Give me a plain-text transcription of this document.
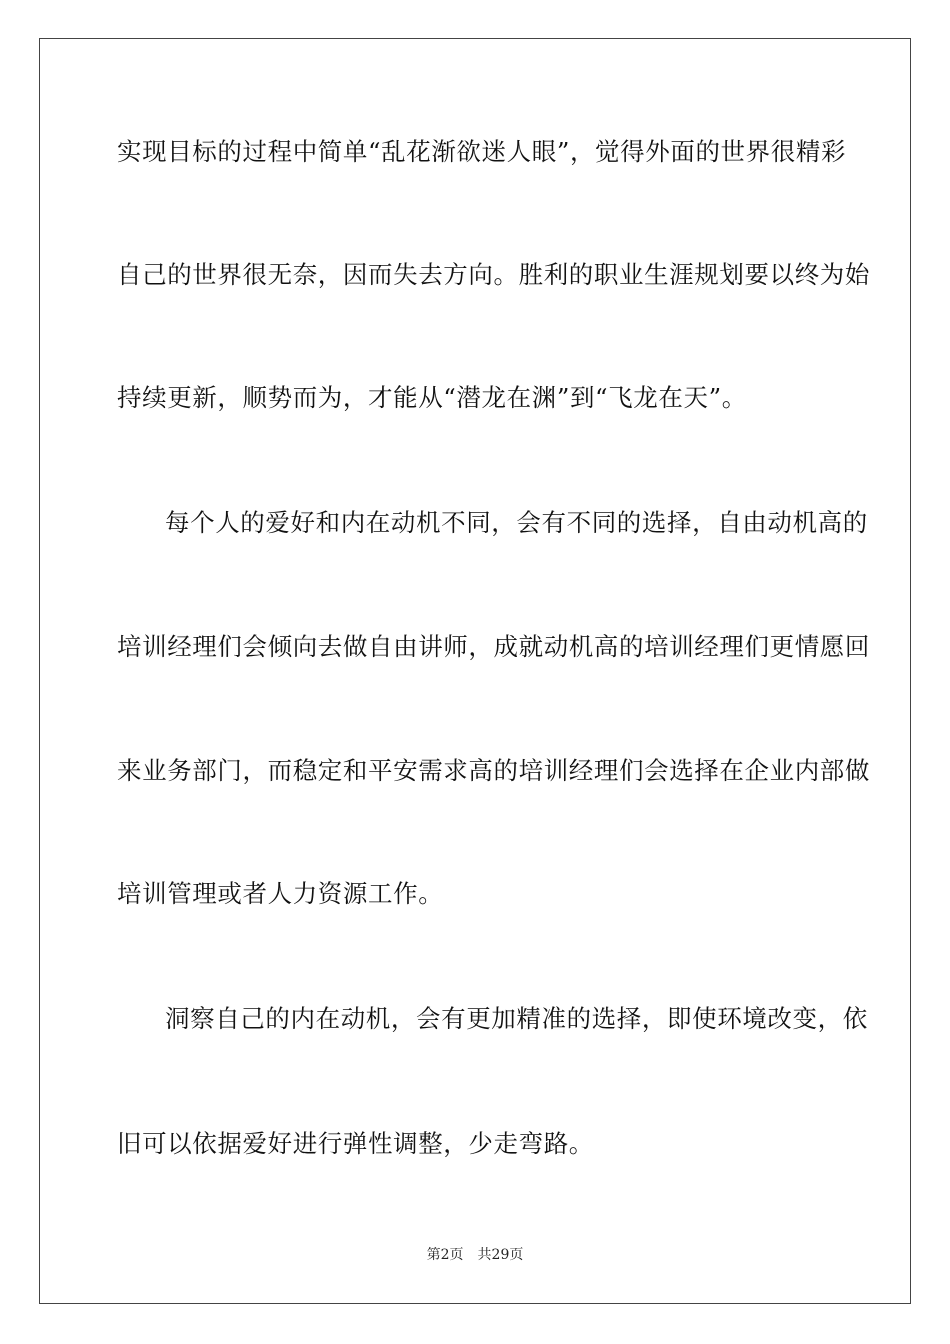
实现目标的过程中简单“乱花渐欲迷人眼”，觉得外面的世界很精彩
自己的世界很无奈，因而失去方向。胜利的职业生涯规划要以终为始
持续更新，顺势而为，才能从“潜龙在渊”到“飞龙在天”。
每个人的爱好和内在动机不同，会有不同的选择，自由动机高的
培训经理们会倾向去做自由讲师，成就动机高的培训经理们更情愿回
来业务部门，而稳定和平安需求高的培训经理们会选择在企业内部做
培训管理或者人力资源工作。
洞察自己的内在动机，会有更加精准的选择，即使环境改变，依
旧可以依据爱好进行弹性调整，少走弯路。
第2页 共29页
